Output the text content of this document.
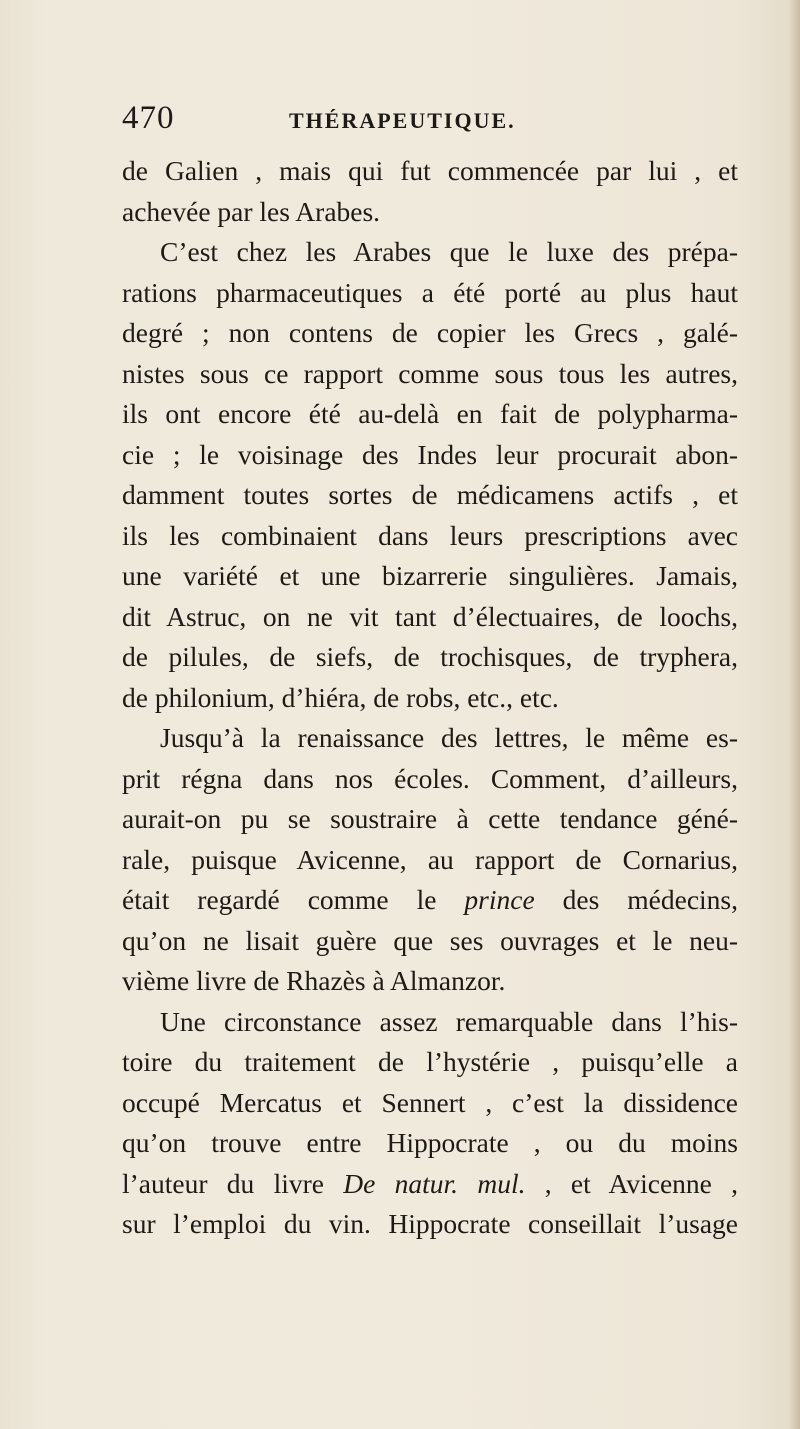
470	THÉRAPEUTIQUE.
de Galien , mais qui fut commencée par lui , et
achevée par les Arabes.
C’est chez les Arabes que le luxe des prépa-
rations pharmaceutiques a été porté au plus haut
degré ; non contens de copier les Grecs , galé-
nistes sous ce rapport comme sous tous les autres,
ils ont encore été au-delà en fait de polypharma-
cie ; le voisinage des Indes leur procurait abon-
damment toutes sortes de médicamens actifs , et
ils les combinaient dans leurs prescriptions avec
une variété et une bizarrerie singulières. Jamais,
dit Astruc, on ne vit tant d’électuaires, de loochs,
de pilules, de siefs, de trochisques, de tryphera,
de philonium, d’hiéra, de robs, etc., etc.
Jusqu’à la renaissance des lettres, le même es-
prit régna dans nos écoles. Comment, d’ailleurs,
aurait-on pu se soustraire à cette tendance géné-
rale, puisque Avicenne, au rapport de Cornarius,
était regardé comme le prince des médecins,
qu’on ne lisait guère que ses ouvrages et le neu-
vième livre de Rhazès à Almanzor.
Une circonstance assez remarquable dans l’his-
toire du traitement de l’hystérie , puisqu’elle a
occupé Mercatus et Sennert , c’est la dissidence
qu’on trouve entre Hippocrate , ou du moins
l’auteur du livre De natur. mul. , et Avicenne ,
sur l’emploi du vin. Hippocrate conseillait l’usage
